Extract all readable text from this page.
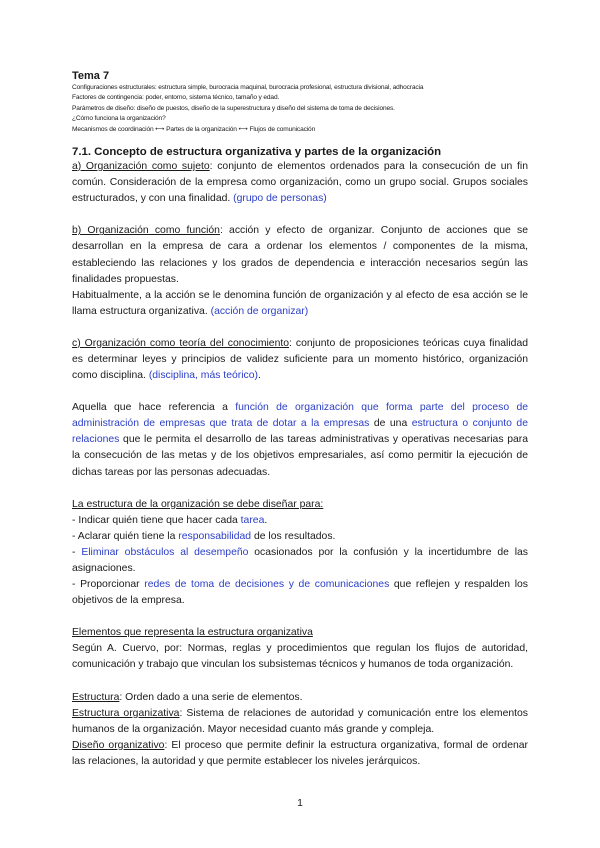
Tema 7
Configuraciones estructurales: estructura simple, burocracia maquinal, burocracia profesional, estructura divisional, adhocracia
Factores de contingencia: poder, entorno, sistema técnico, tamaño y edad.
Parámetros de diseño: diseño de puestos, diseño de la superestructura y diseño del sistema de toma de decisiones.
¿Cómo funciona la organización?
Mecanismos de coordinación ⟷ Partes de la organización ⟷ Flujos de comunicación
7.1. Concepto de estructura organizativa y partes de la organización

a) Organización como sujeto: conjunto de elementos ordenados para la consecución de un fin común. Consideración de la empresa como organización, como un grupo social. Grupos sociales estructurados, y con una finalidad. (grupo de personas)

b) Organización como función: acción y efecto de organizar. Conjunto de acciones que se desarrollan en la empresa de cara a ordenar los elementos / componentes de la misma, estableciendo las relaciones y los grados de dependencia e interacción necesarios según las finalidades propuestas.

Habitualmente, a la acción se le denomina función de organización y al efecto de esa acción se le llama estructura organizativa. (acción de organizar)

c) Organización como teoría del conocimiento: conjunto de proposiciones teóricas cuya finalidad es determinar leyes y principios de validez suficiente para un momento histórico, organización como disciplina. (disciplina, más teórico).

Aquella que hace referencia a función de organización que forma parte del proceso de administración de empresas que trata de dotar a la empresas de una estructura o conjunto de relaciones que le permita el desarrollo de las tareas administrativas y operativas necesarias para la consecución de las metas y de los objetivos empresariales, así como permitir la ejecución de dichas tareas por las personas adecuadas.

La estructura de la organización se debe diseñar para:

- Indicar quién tiene que hacer cada tarea.

- Aclarar quién tiene la responsabilidad de los resultados.

- Eliminar obstáculos al desempeño ocasionados por la confusión y la incertidumbre de las asignaciones.

- Proporcionar redes de toma de decisiones y de comunicaciones que reflejen y respalden los objetivos de la empresa.

Elementos que representa la estructura organizativa

Según A. Cuervo, por: Normas, reglas y procedimientos que regulan los flujos de autoridad, comunicación y trabajo que vinculan los subsistemas técnicos y humanos de toda organización.

Estructura: Orden dado a una serie de elementos.

Estructura organizativa: Sistema de relaciones de autoridad y comunicación entre los elementos humanos de la organización. Mayor necesidad cuanto más grande y compleja.

Diseño organizativo: El proceso que permite definir la estructura organizativa, formal de ordenar las relaciones, la autoridad y que permite establecer los niveles jerárquicos.

1
